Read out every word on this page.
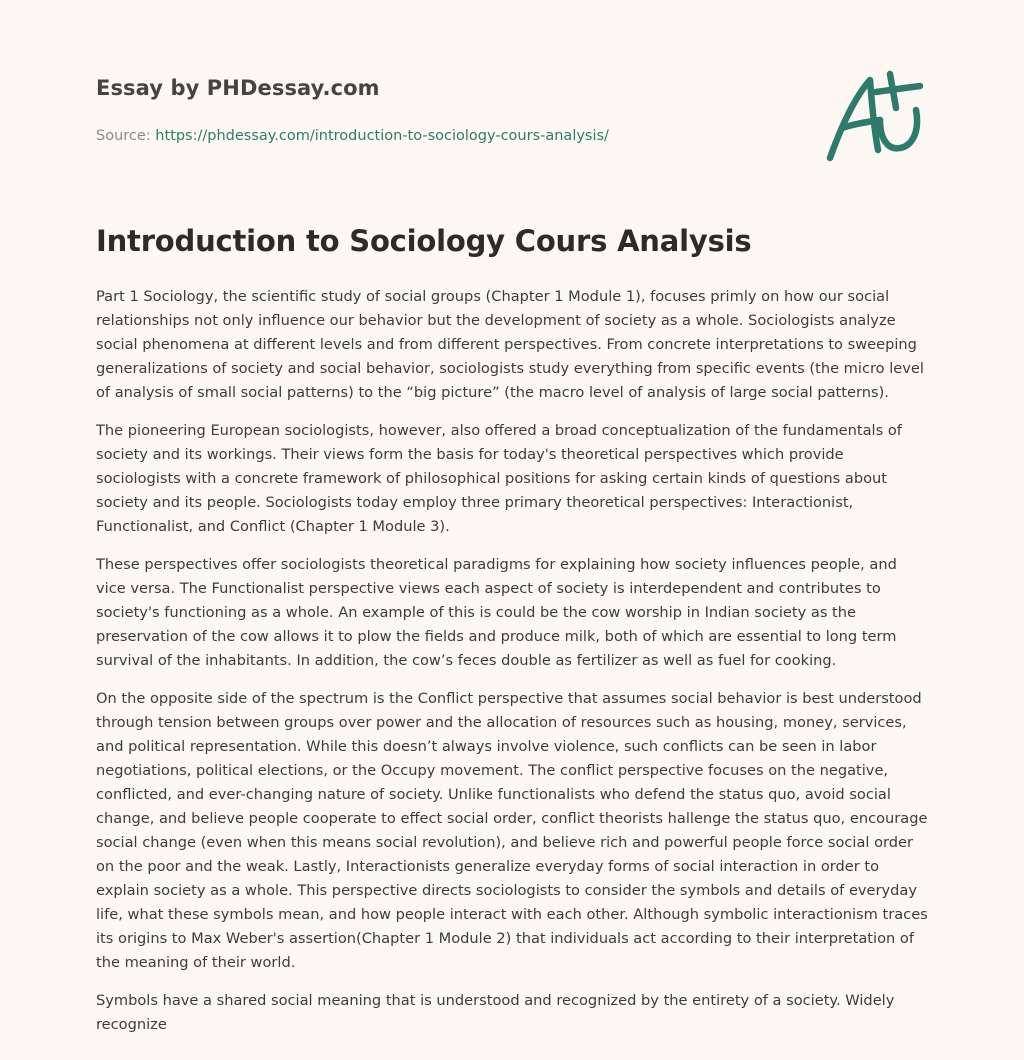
Essay by PHDessay.com
Source: https://phdessay.com/introduction-to-sociology-cours-analysis/
Introduction to Sociology Cours Analysis

Part 1 Sociology, the scientific study of social groups (Chapter 1 Module 1), focuses primly on how our social relationships not only influence our behavior but the development of society as a whole. Sociologists analyze social phenomena at different levels and from different perspectives. From concrete interpretations to sweeping generalizations of society and social behavior, sociologists study everything from specific events (the micro level of analysis of small social patterns) to the “big picture” (the macro level of analysis of large social patterns).

The pioneering European sociologists, however, also offered a broad conceptualization of the fundamentals of society and its workings. Their views form the basis for today's theoretical perspectives which provide sociologists with a concrete framework of philosophical positions for asking certain kinds of questions about society and its people. Sociologists today employ three primary theoretical perspectives: Interactionist, Functionalist, and Conflict (Chapter 1 Module 3).

These perspectives offer sociologists theoretical paradigms for explaining how society influences people, and vice versa. The Functionalist perspective views each aspect of society is interdependent and contributes to society's functioning as a whole. An example of this is could be the cow worship in Indian society as the preservation of the cow allows it to plow the fields and produce milk, both of which are essential to long term survival of the inhabitants. In addition, the cow’s feces double as fertilizer as well as fuel for cooking.

On the opposite side of the spectrum is the Conflict perspective that assumes social behavior is best understood through tension between groups over power and the allocation of resources such as housing, money, services, and political representation. While this doesn’t always involve violence, such conflicts can be seen in labor negotiations, political elections, or the Occupy movement. The conflict perspective focuses on the negative, conflicted, and ever-changing nature of society. Unlike functionalists who defend the status quo, avoid social change, and believe people cooperate to effect social order, conflict theorists hallenge the status quo, encourage social change (even when this means social revolution), and believe rich and powerful people force social order on the poor and the weak. Lastly, Interactionists generalize everyday forms of social interaction in order to explain society as a whole. This perspective directs sociologists to consider the symbols and details of everyday life, what these symbols mean, and how people interact with each other. Although symbolic interactionism traces its origins to Max Weber's assertion(Chapter 1 Module 2) that individuals act according to their interpretation of the meaning of their world.

Symbols have a shared social meaning that is understood and recognized by the entirety of a society. Widely recognize
